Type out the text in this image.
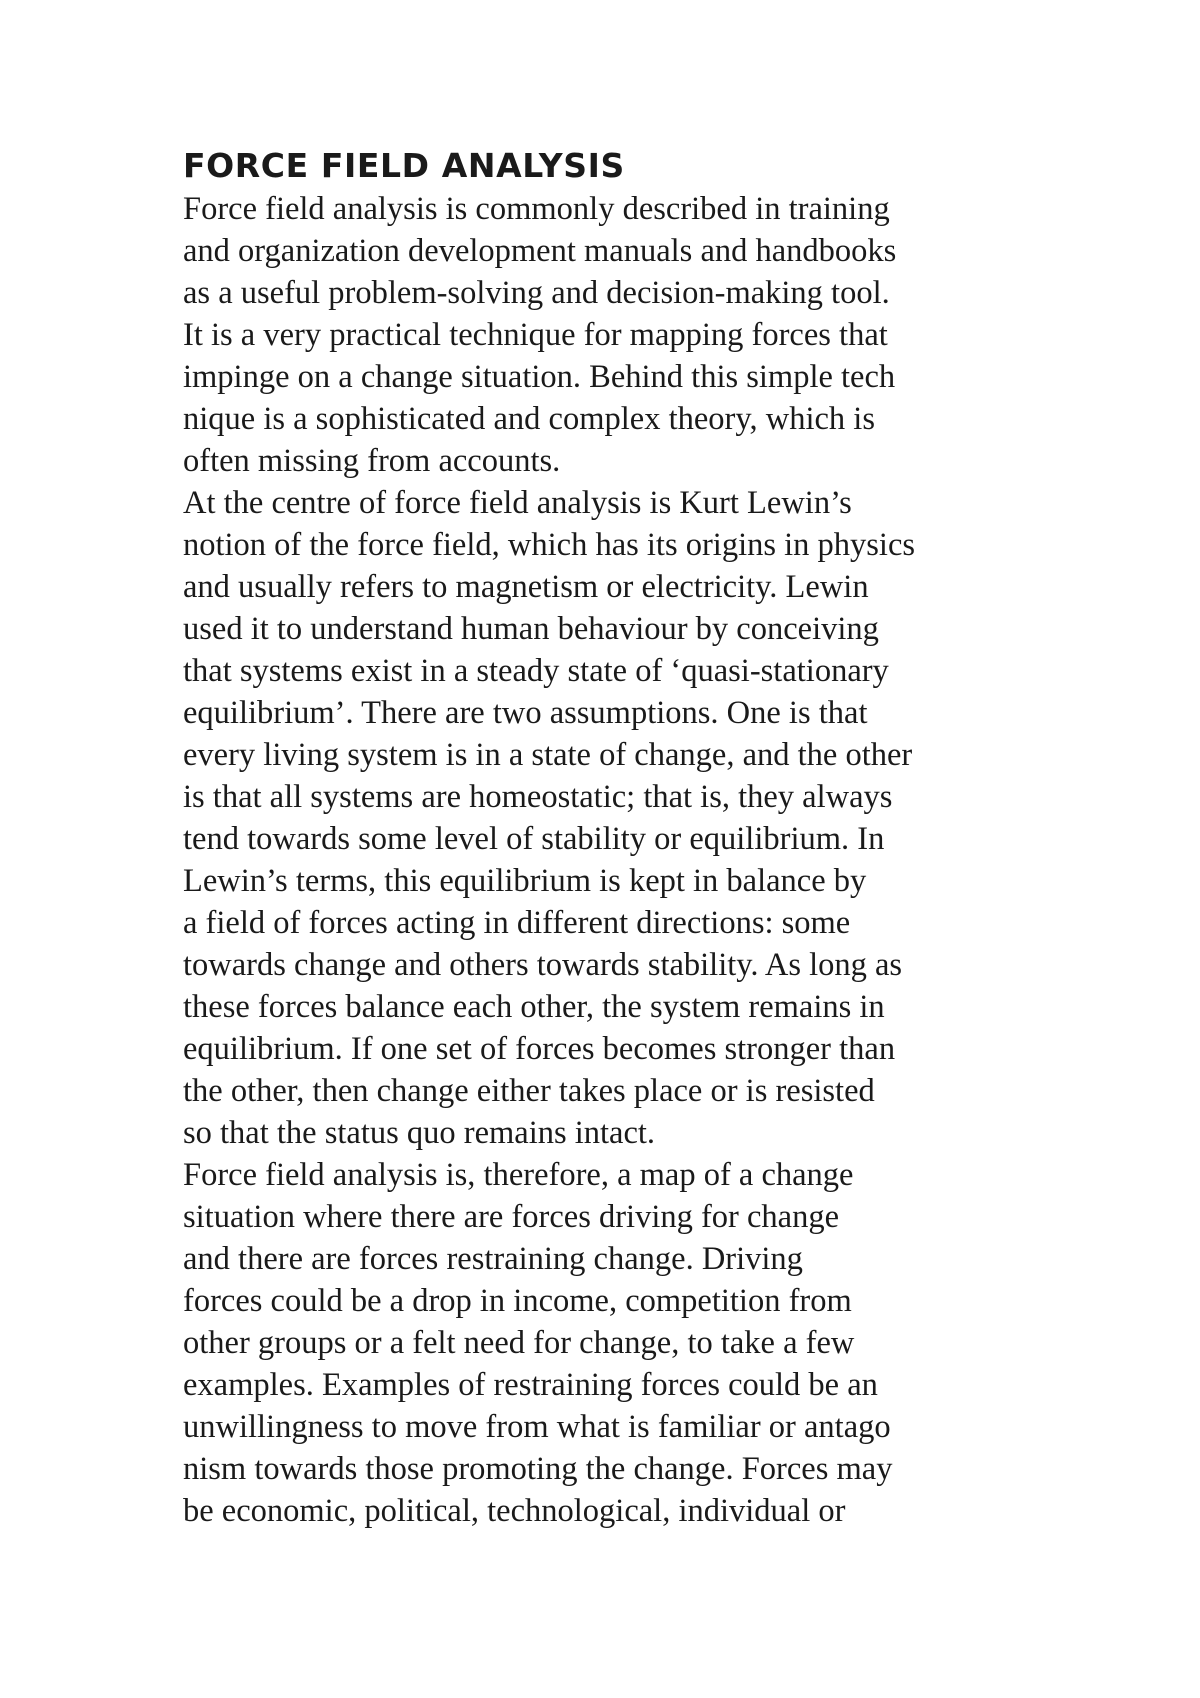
FORCE FIELD ANALYSIS

Force field analysis is commonly described in training
and organization development manuals and handbooks
as a useful problem-solving and decision-making tool.
It is a very practical technique for mapping forces that
impinge on a change situation. Behind this simple tech
nique is a sophisticated and complex theory, which is
often missing from accounts.

At the centre of force field analysis is Kurt Lewin’s
notion of the force field, which has its origins in physics
and usually refers to magnetism or electricity. Lewin
used it to understand human behaviour by conceiving
that systems exist in a steady state of ‘quasi-stationary
equilibrium’. There are two assumptions. One is that
every living system is in a state of change, and the other
is that all systems are homeostatic; that is, they always
tend towards some level of stability or equilibrium. In
Lewin’s terms, this equilibrium is kept in balance by
a field of forces acting in different directions: some
towards change and others towards stability. As long as
these forces balance each other, the system remains in
equilibrium. If one set of forces becomes stronger than
the other, then change either takes place or is resisted
so that the status quo remains intact.

Force field analysis is, therefore, a map of a change
situation where there are forces driving for change
and there are forces restraining change. Driving
forces could be a drop in income, competition from
other groups or a felt need for change, to take a few
examples. Examples of restraining forces could be an
unwillingness to move from what is familiar or antago
nism towards those promoting the change. Forces may
be economic, political, technological, individual or
